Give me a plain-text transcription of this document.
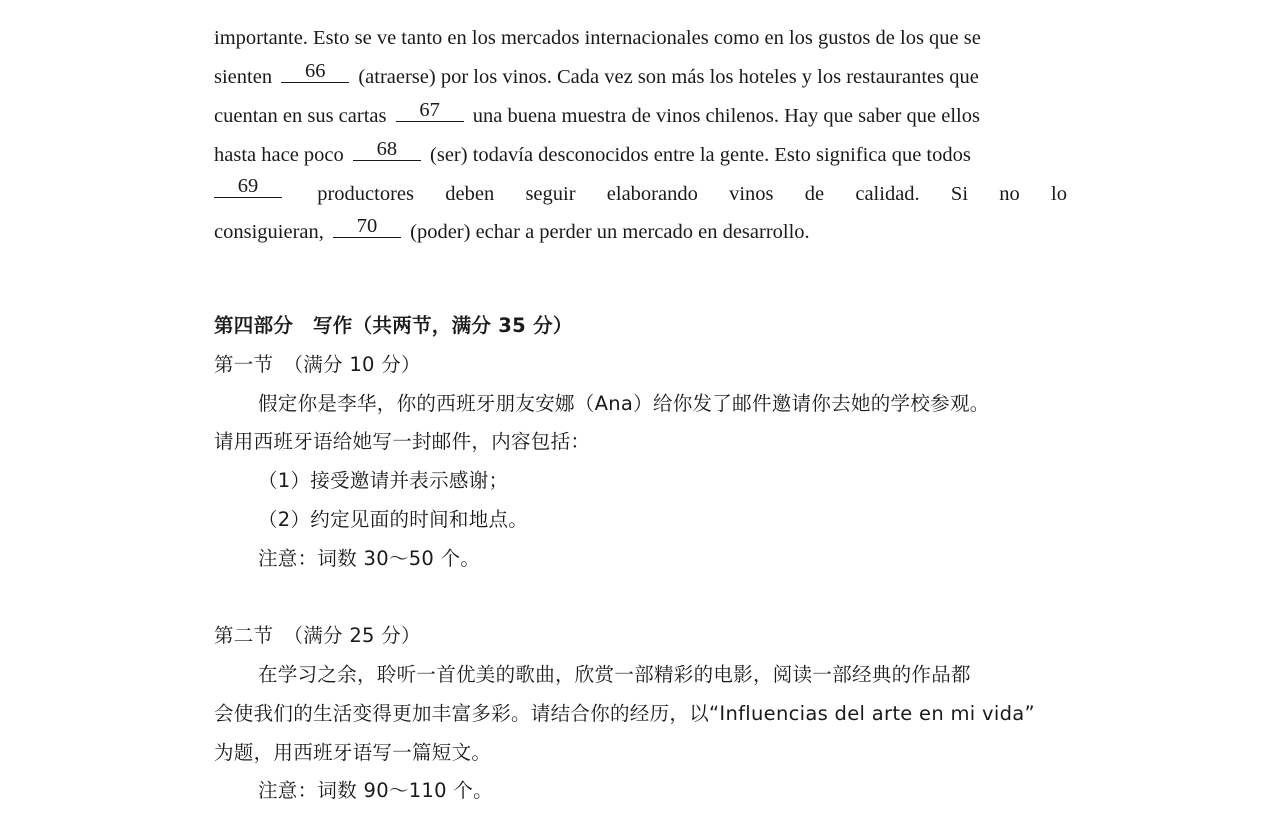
importante. Esto se ve tanto en los mercados internacionales como en los gustos de los que se
sienten 66 (atraerse) por los vinos. Cada vez son más los hoteles y los restaurantes que
cuentan en sus cartas 67 una buena muestra de vinos chilenos. Hay que saber que ellos
hasta hace poco 68 (ser) todavía desconocidos entre la gente. Esto significa que todos
69	productores deben seguir elaborando vinos de calidad. Si no lo
consiguieran, 70 (poder) echar a perder un mercado en desarrollo.
第四部分　写作（共两节，满分 35 分）
第一节　（满分 10 分）
假定你是李华，你的西班牙朋友安娜（Ana）给你发了邮件邀请你去她的学校参观。
请用西班牙语给她写一封邮件，内容包括：
（1）接受邀请并表示感谢；
（2）约定见面的时间和地点。
注意：词数 30～50 个。
第二节　（满分 25 分）
在学习之余，聆听一首优美的歌曲，欣赏一部精彩的电影，阅读一部经典的作品都
会使我们的生活变得更加丰富多彩。请结合你的经历，以“Influencias del arte en mi vida”
为题，用西班牙语写一篇短文。
注意：词数 90～110 个。
